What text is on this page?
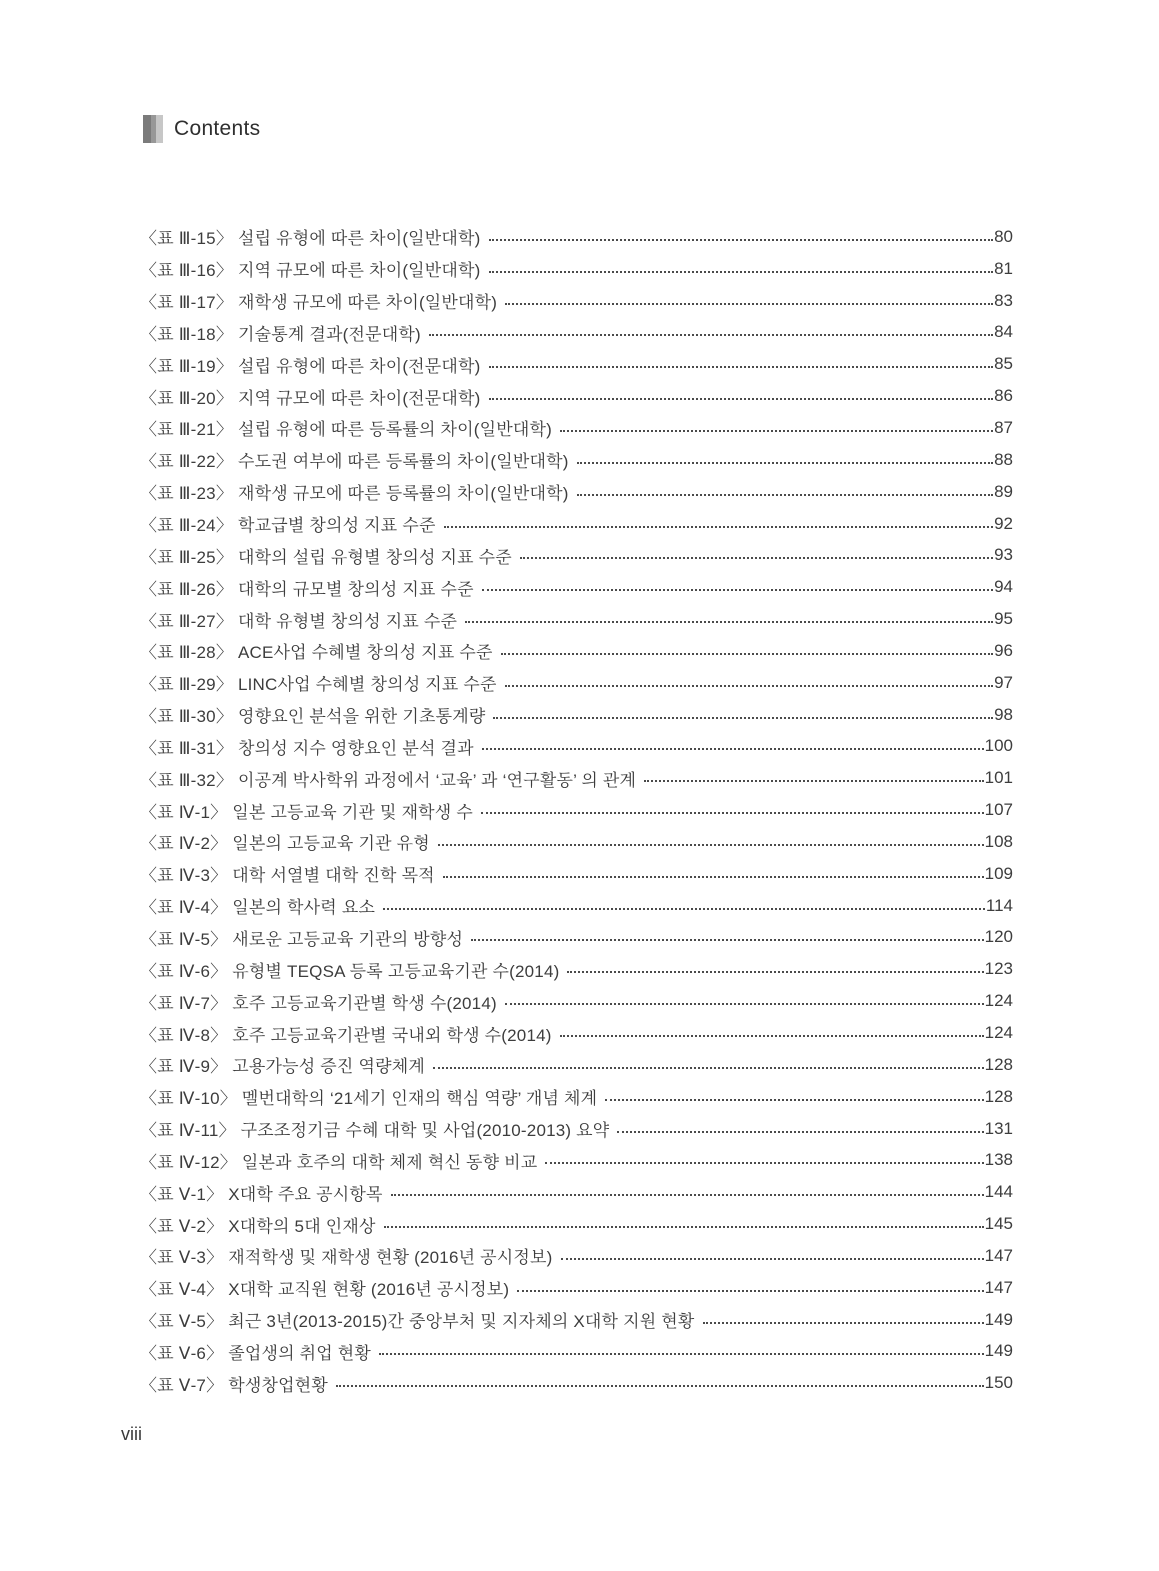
Contents
〈표 Ⅲ-15〉 설립 유형에 따른 차이(일반대학)	80
〈표 Ⅲ-16〉 지역 규모에 따른 차이(일반대학)	81
〈표 Ⅲ-17〉 재학생 규모에 따른 차이(일반대학)	83
〈표 Ⅲ-18〉 기술통계 결과(전문대학)	84
〈표 Ⅲ-19〉 설립 유형에 따른 차이(전문대학)	85
〈표 Ⅲ-20〉 지역 규모에 따른 차이(전문대학)	86
〈표 Ⅲ-21〉 설립 유형에 따른 등록률의 차이(일반대학)	87
〈표 Ⅲ-22〉 수도권 여부에 따른 등록률의 차이(일반대학)	88
〈표 Ⅲ-23〉 재학생 규모에 따른 등록률의 차이(일반대학)	89
〈표 Ⅲ-24〉 학교급별 창의성 지표 수준	92
〈표 Ⅲ-25〉 대학의 설립 유형별 창의성 지표 수준	93
〈표 Ⅲ-26〉 대학의 규모별 창의성 지표 수준	94
〈표 Ⅲ-27〉 대학 유형별 창의성 지표 수준	95
〈표 Ⅲ-28〉 ACE사업 수혜별 창의성 지표 수준	96
〈표 Ⅲ-29〉 LINC사업 수혜별 창의성 지표 수준	97
〈표 Ⅲ-30〉 영향요인 분석을 위한 기초통계량	98
〈표 Ⅲ-31〉 창의성 지수 영향요인 분석 결과	100
〈표 Ⅲ-32〉 이공계 박사학위 과정에서 ‘교육’ 과 ‘연구활동’ 의 관계	101
〈표 Ⅳ-1〉 일본 고등교육 기관 및 재학생 수	107
〈표 Ⅳ-2〉 일본의 고등교육 기관 유형	108
〈표 Ⅳ-3〉 대학 서열별 대학 진학 목적	109
〈표 Ⅳ-4〉 일본의 학사력 요소	114
〈표 Ⅳ-5〉 새로운 고등교육 기관의 방향성	120
〈표 Ⅳ-6〉 유형별 TEQSA 등록 고등교육기관 수(2014)	123
〈표 Ⅳ-7〉 호주 고등교육기관별 학생 수(2014)	124
〈표 Ⅳ-8〉 호주 고등교육기관별 국내외 학생 수(2014)	124
〈표 Ⅳ-9〉 고용가능성 증진 역량체계	128
〈표 Ⅳ-10〉 멜번대학의 ‘21세기 인재의 핵심 역량’ 개념 체계	128
〈표 Ⅳ-11〉 구조조정기금 수혜 대학 및 사업(2010-2013) 요약	131
〈표 Ⅳ-12〉 일본과 호주의 대학 체제 혁신 동향 비교	138
〈표 Ⅴ-1〉 X대학 주요 공시항목	144
〈표 Ⅴ-2〉 X대학의 5대 인재상	145
〈표 Ⅴ-3〉 재적학생 및 재학생 현황 (2016년 공시정보)	147
〈표 Ⅴ-4〉 X대학 교직원 현황 (2016년 공시정보)	147
〈표 Ⅴ-5〉 최근 3년(2013-2015)간 중앙부처 및 지자체의 X대학 지원 현황	149
〈표 Ⅴ-6〉 졸업생의 취업 현황	149
〈표 Ⅴ-7〉 학생창업현황	150
viii
